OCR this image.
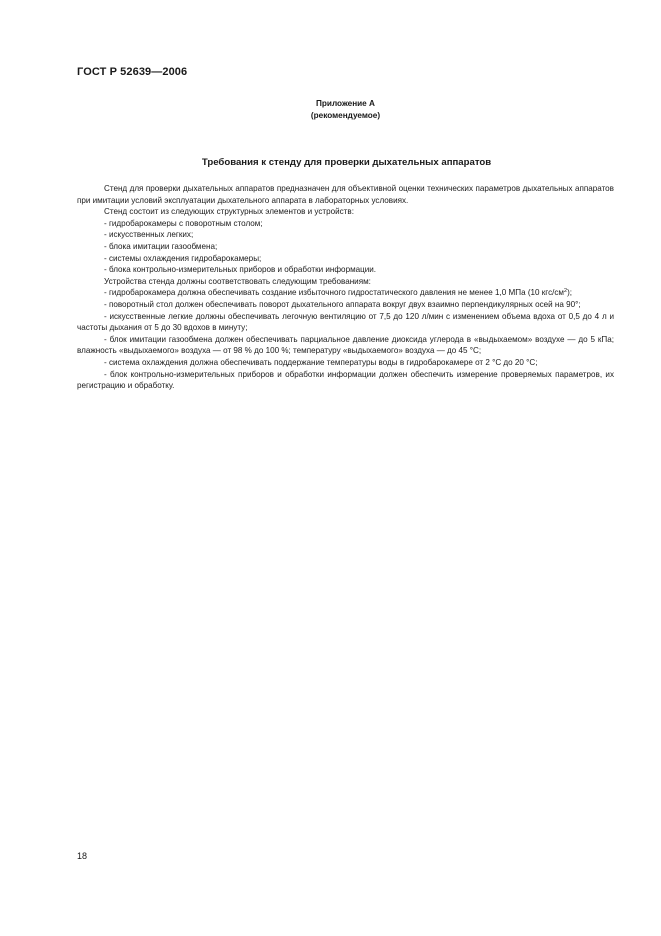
ГОСТ Р 52639—2006
Приложение А
(рекомендуемое)
Требования к стенду для проверки дыхательных аппаратов

Стенд для проверки дыхательных аппаратов предназначен для объективной оценки технических параметров дыхательных аппаратов при имитации условий эксплуатации дыхательного аппарата в лабораторных условиях.

Стенд состоит из следующих структурных элементов и устройств:

- гидробарокамеры с поворотным столом;

- искусственных легких;

- блока имитации газообмена;

- системы охлаждения гидробарокамеры;

- блока контрольно-измерительных приборов и обработки информации.

Устройства стенда должны соответствовать следующим требованиям:

- гидробарокамера должна обеспечивать создание избыточного гидростатического давления не менее 1,0 МПа (10 кгс/$см^2$);

- поворотный стол должен обеспечивать поворот дыхательного аппарата вокруг двух взаимно перпендикулярных осей на 90°;

- искусственные легкие должны обеспечивать легочную вентиляцию от 7,5 до 120 л/мин с изменением объема вдоха от 0,5 до 4 л и частоты дыхания от 5 до 30 вдохов в минуту;

- блок имитации газообмена должен обеспечивать парциальное давление диоксида углерода в «выдыхаемом» воздухе — до 5 кПа; влажность «выдыхаемого» воздуха — от 98 % до 100 %; температуру «выдыхаемого» воздуха — до 45 °С;

- система охлаждения должна обеспечивать поддержание температуры воды в гидробарокамере от 2 °С до 20 °С;

- блок контрольно-измерительных приборов и обработки информации должен обеспечить измерение проверяемых параметров, их регистрацию и обработку.

18
